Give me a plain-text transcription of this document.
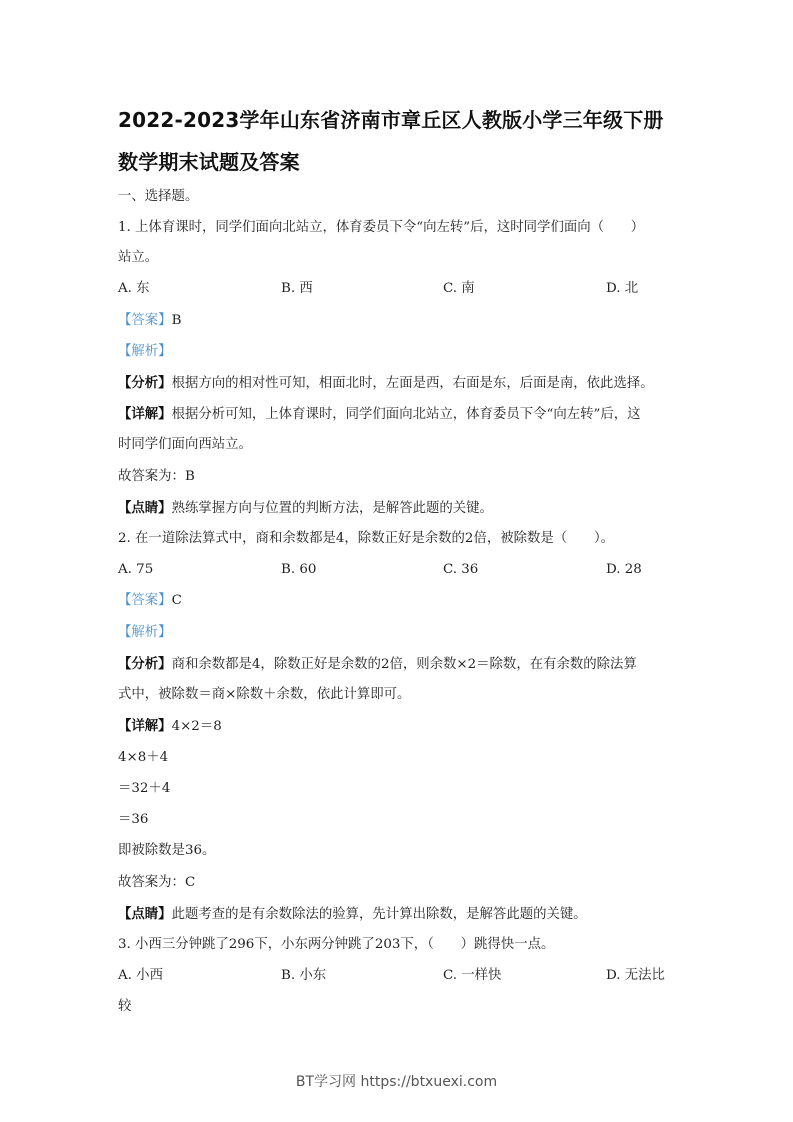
2022-2023学年山东省济南市章丘区人教版小学三年级下册
数学期末试题及答案
一、选择题。
1. 上体育课时，同学们面向北站立，体育委员下令“向左转”后，这时同学们面向（　　）
站立。
A. 东	B. 西	C. 南	D. 北
【答案】B
【解析】
【分析】根据方向的相对性可知，相面北时，左面是西，右面是东，后面是南，依此选择。
【详解】根据分析可知，上体育课时，同学们面向北站立，体育委员下令“向左转”后，这
时同学们面向西站立。
故答案为：B
【点睛】熟练掌握方向与位置的判断方法，是解答此题的关键。
2. 在一道除法算式中，商和余数都是4，除数正好是余数的2倍，被除数是（　　）。
A. 75	B. 60	C. 36	D. 28
【答案】C
【解析】
【分析】商和余数都是4，除数正好是余数的2倍，则余数×2＝除数，在有余数的除法算
式中，被除数＝商×除数＋余数，依此计算即可。
【详解】4×2＝8
4×8＋4
＝32＋4
＝36
即被除数是36。
故答案为：C
【点睛】此题考查的是有余数除法的验算，先计算出除数，是解答此题的关键。
3. 小西三分钟跳了296下，小东两分钟跳了203下，（　　）跳得快一点。
A. 小西	B. 小东	C. 一样快	D. 无法比
较
BT学习网 https://btxuexi.com
